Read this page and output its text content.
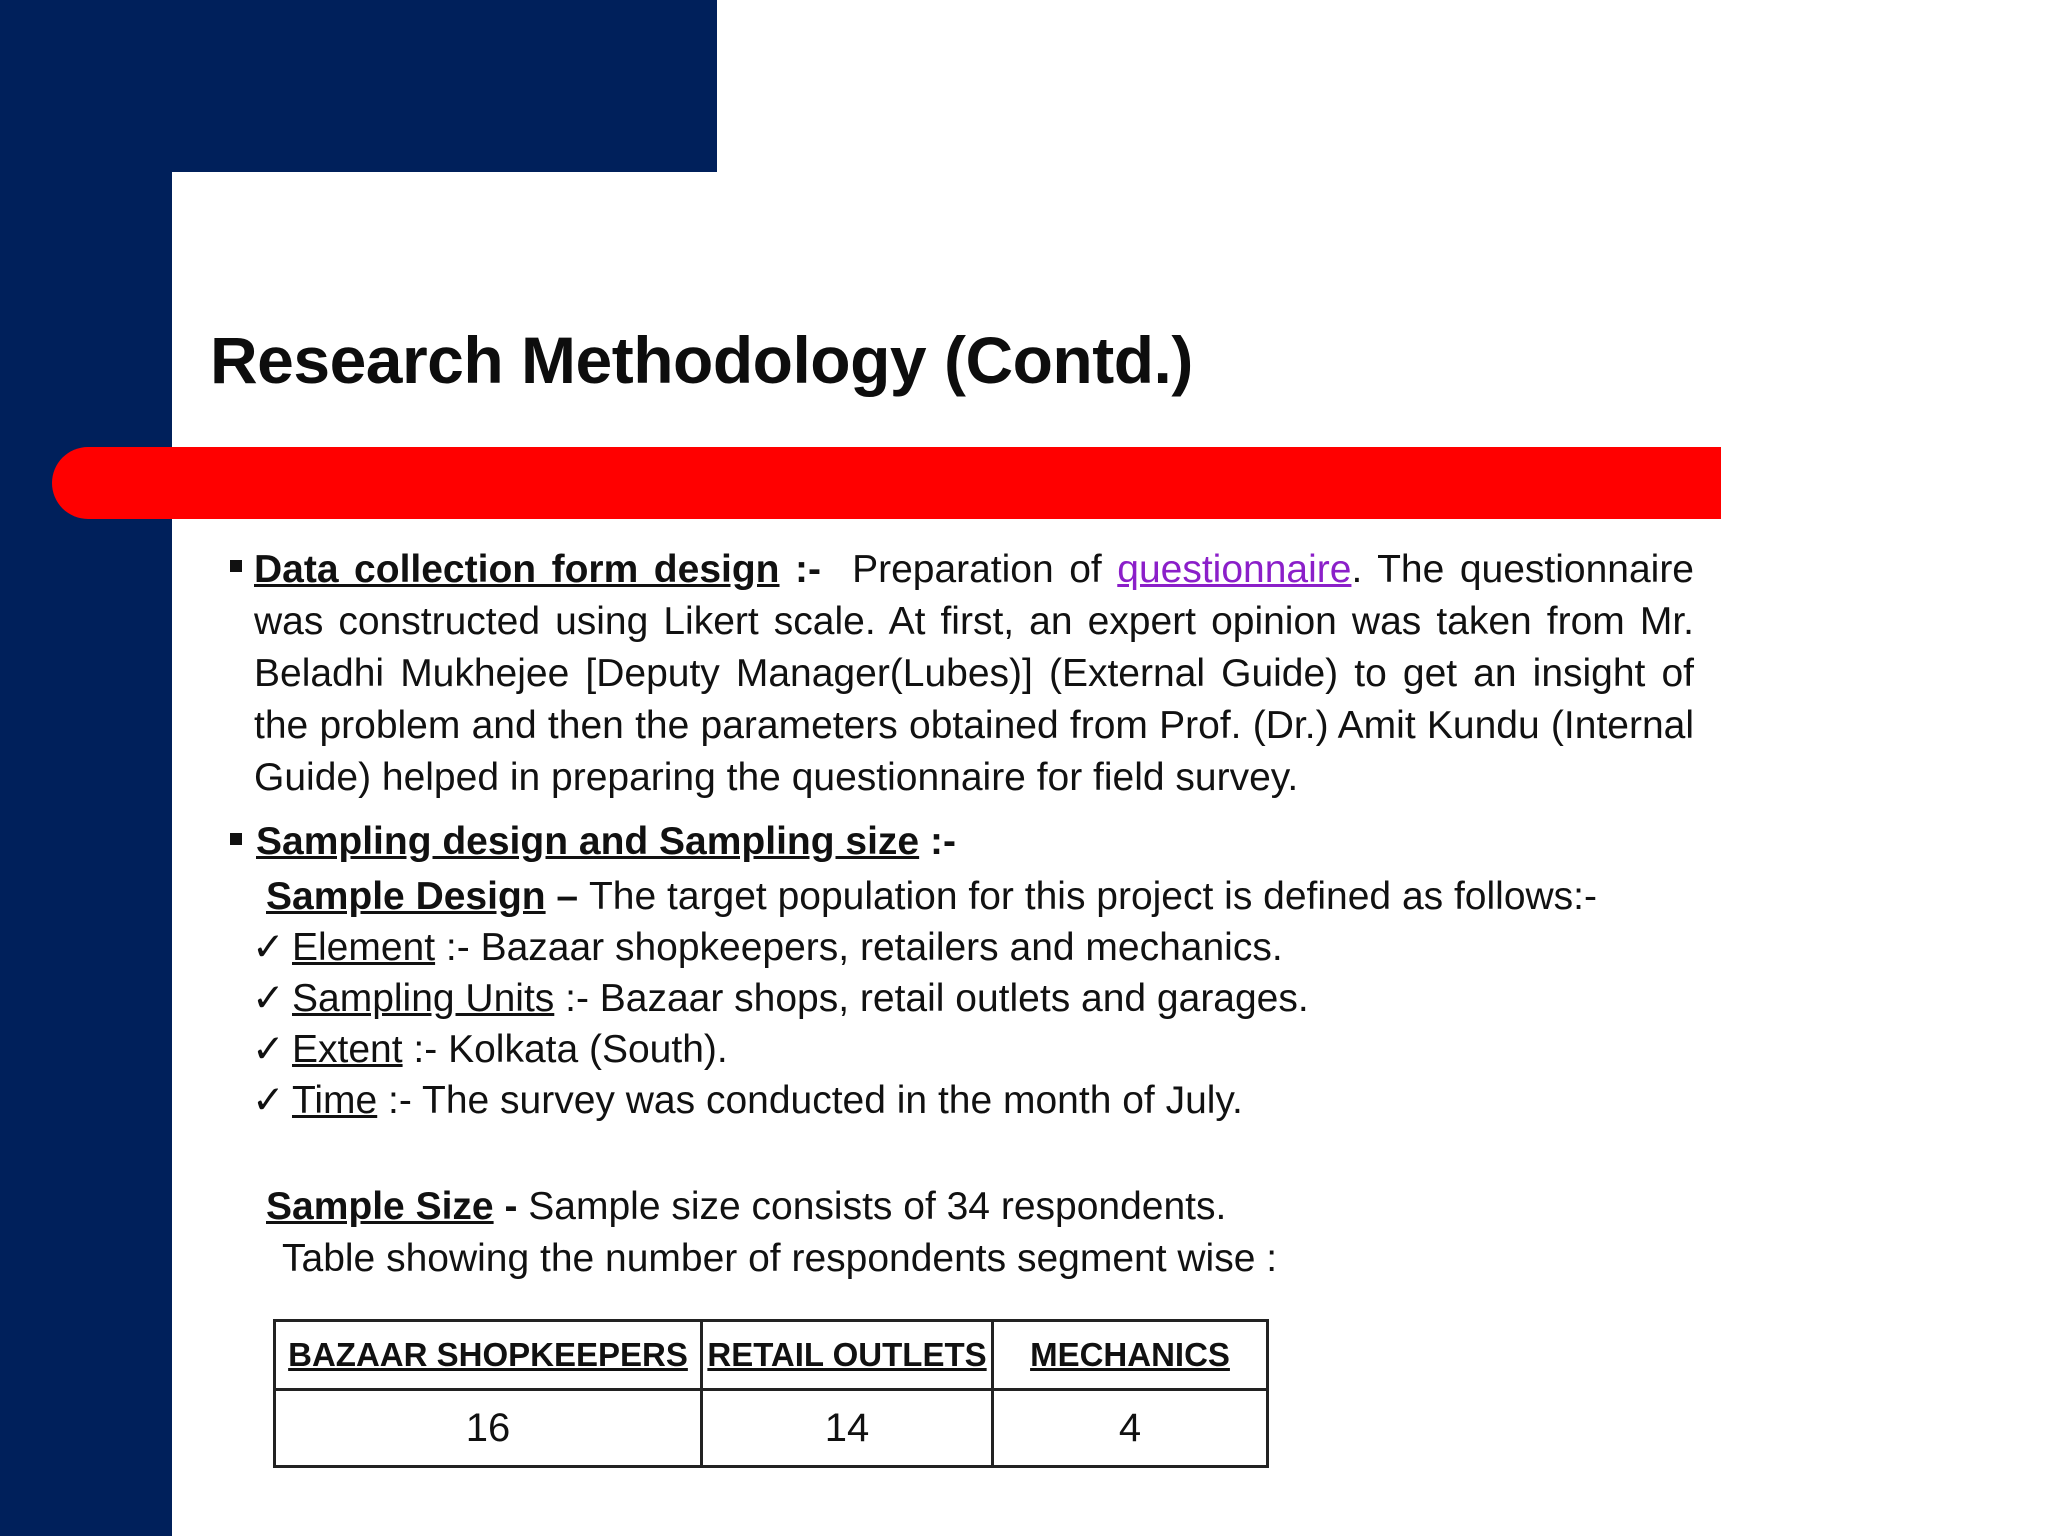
Research Methodology (Contd.)
Data collection form design :-  Preparation of questionnaire. The questionnaire was constructed using Likert scale. At first, an expert opinion was taken from Mr. Beladhi Mukhejee [Deputy Manager(Lubes)] (External Guide) to get an insight of the problem and then the parameters obtained from Prof. (Dr.) Amit Kundu (Internal Guide) helped in preparing the questionnaire for field survey.
Sampling design and Sampling size :-
Sample Design – The target population for this project is defined as follows:-
✓ Element :- Bazaar shopkeepers, retailers and mechanics.
✓ Sampling Units :- Bazaar shops, retail outlets and garages.
✓ Extent :- Kolkata (South).
✓ Time :- The survey was conducted in the month of July.
Sample Size - Sample size consists of 34 respondents.
Table showing the number of respondents segment wise :
BAZAAR SHOPKEEPERS	RETAIL OUTLETS	MECHANICS
16	14	4
